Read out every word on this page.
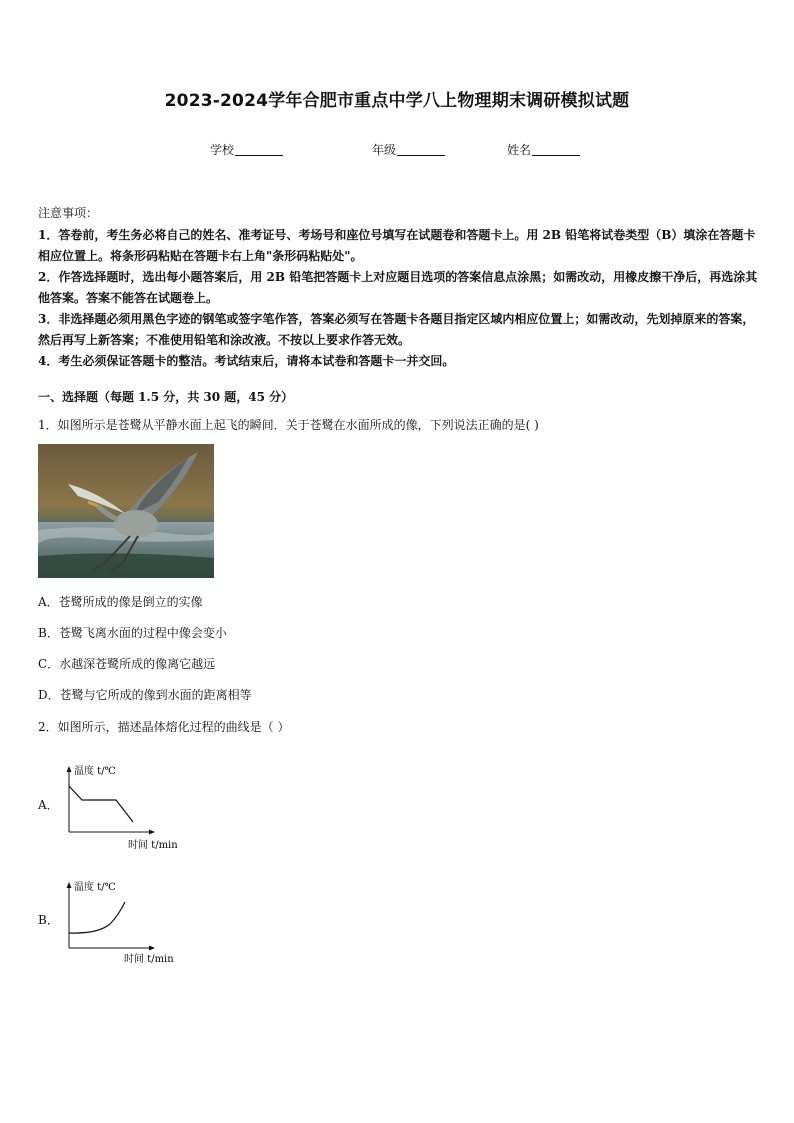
2023-2024学年合肥市重点中学八上物理期末调研模拟试题
学校	年级	姓名

注意事项：

1．答卷前，考生务必将自己的姓名、准考证号、考场号和座位号填写在试题卷和答题卡上。用 2B 铅笔将试卷类型（B）填涂在答题卡相应位置上。将条形码粘贴在答题卡右上角"条形码粘贴处"。

2．作答选择题时，选出每小题答案后，用 2B 铅笔把答题卡上对应题目选项的答案信息点涂黑；如需改动，用橡皮擦干净后，再选涂其他答案。答案不能答在试题卷上。

3．非选择题必须用黑色字迹的钢笔或签字笔作答，答案必须写在答题卡各题目指定区域内相应位置上；如需改动，先划掉原来的答案，然后再写上新答案；不准使用铅笔和涂改液。不按以上要求作答无效。

4．考生必须保证答题卡的整洁。考试结束后，请将本试卷和答题卡一并交回。

一、选择题（每题 1.5 分，共 30 题，45 分）
1．如图所示是苍鹭从平静水面上起飞的瞬间．关于苍鹭在水面所成的像，下列说法正确的是( )
A．苍鹭所成的像是倒立的实像
B．苍鹭飞离水面的过程中像会变小
C．水越深苍鹭所成的像离它越远
D．苍鹭与它所成的像到水面的距离相等
2．如图所示，描述晶体熔化过程的曲线是（ ）
A．
温度 t/℃
时间 t/min
B．
温度 t/℃
时间 t/min
